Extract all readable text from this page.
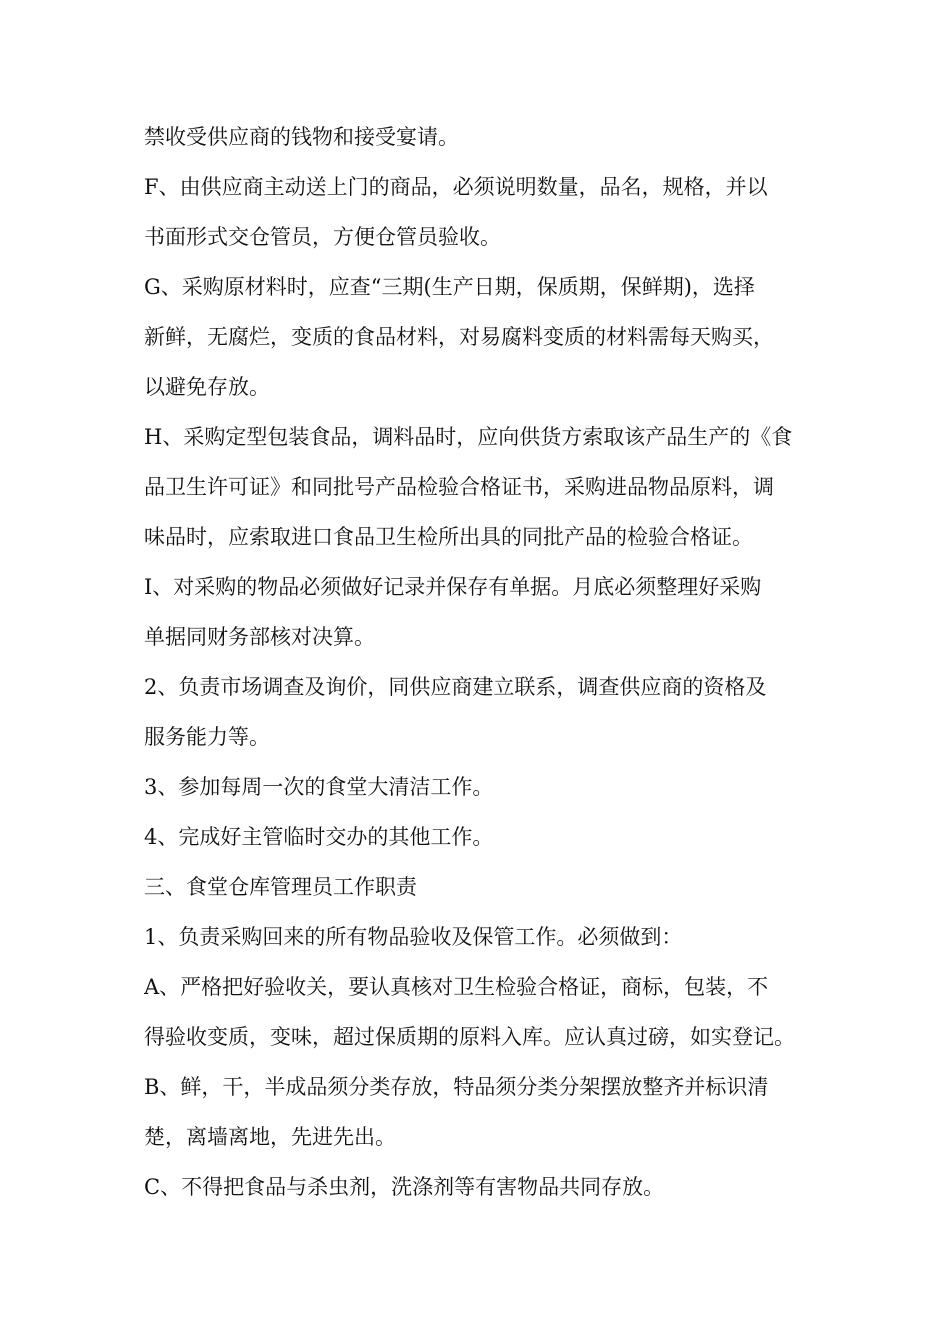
禁收受供应商的钱物和接受宴请。
F、由供应商主动送上门的商品，必须说明数量，品名，规格，并以
书面形式交仓管员，方便仓管员验收。
G、采购原材料时，应查“三期(生产日期，保质期，保鲜期)，选择
新鲜，无腐烂，变质的食品材料，对易腐料变质的材料需每天购买，
以避免存放。
H、采购定型包装食品，调料品时，应向供货方索取该产品生产的《食
品卫生许可证》和同批号产品检验合格证书，采购进品物品原料，调
味品时，应索取进口食品卫生检所出具的同批产品的检验合格证。
I、对采购的物品必须做好记录并保存有单据。月底必须整理好采购
单据同财务部核对决算。
2、负责市场调查及询价，同供应商建立联系，调查供应商的资格及
服务能力等。
3、参加每周一次的食堂大清洁工作。
4、完成好主管临时交办的其他工作。
三、食堂仓库管理员工作职责
1、负责采购回来的所有物品验收及保管工作。必须做到：
A、严格把好验收关，要认真核对卫生检验合格证，商标，包装，不
得验收变质，变味，超过保质期的原料入库。应认真过磅，如实登记。
B、鲜，干，半成品须分类存放，特品须分类分架摆放整齐并标识清
楚，离墙离地，先进先出。
C、不得把食品与杀虫剂，洗涤剂等有害物品共同存放。
